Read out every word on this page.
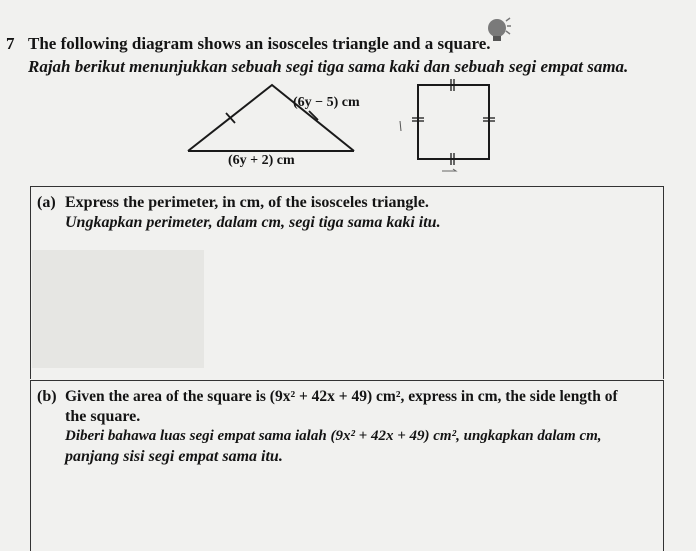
7 The following diagram shows an isosceles triangle and a square.
Rajah berikut menunjukkan sebuah segi tiga sama kaki dan sebuah segi empat sama.
(6y − 5) cm
(6y + 2) cm
(a) Express the perimeter, in cm, of the isosceles triangle.
Ungkapkan perimeter, dalam cm, segi tiga sama kaki itu.
(b) Given the area of the square is (9x² + 42x + 49) cm², express in cm, the side length of
the square.
Diberi bahawa luas segi empat sama ialah (9x² + 42x + 49) cm², ungkapkan dalam cm,
panjang sisi segi empat sama itu.
